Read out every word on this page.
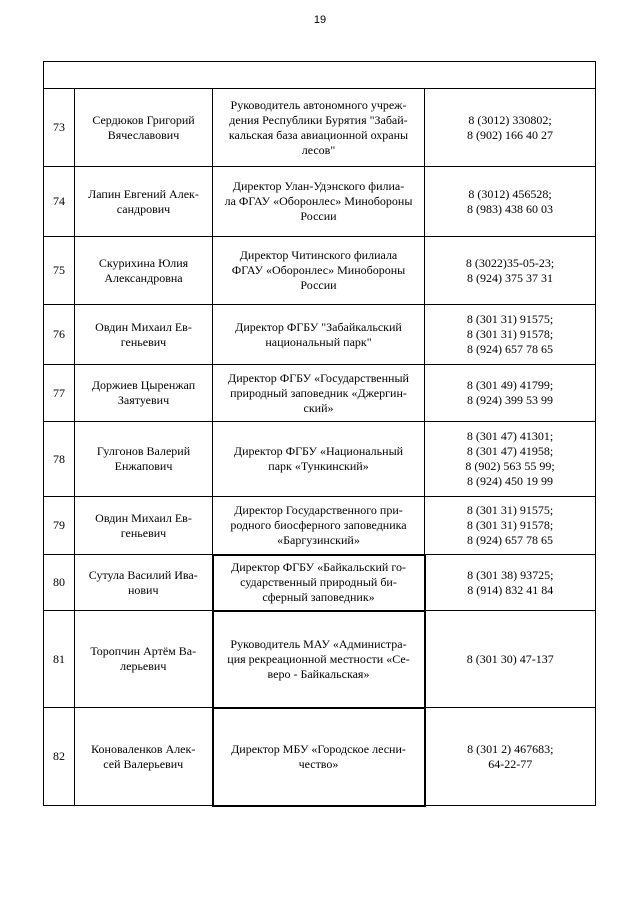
19

73	Сердюков Григорий
Вячеславович	Руководитель автономного учреж-
дения Республики Бурятия "Забай-
кальская база авиационной охраны
лесов"	8 (3012) 330802;
8 (902) 166 40 27
74	Лапин Евгений Алек-
сандрович	Директор Улан-Удэнского филиа-
ла ФГАУ «Оборонлес» Минобороны
России	8 (3012) 456528;
8 (983) 438 60 03
75	Скурихина Юлия
Александровна	Директор Читинского филиала
ФГАУ «Оборонлес» Минобороны
России	8 (3022)35-05-23;
8 (924) 375 37 31
76	Овдин Михаил Ев-
геньевич	Директор ФГБУ "Забайкальский
национальный парк"	8 (301 31) 91575;
8 (301 31) 91578;
8 (924) 657 78 65
77	Доржиев Цыренжап
Заятуевич	Директор ФГБУ «Государственный
природный заповедник «Джергин-
ский»	8 (301 49) 41799;
8 (924) 399 53 99
78	Гулгонов Валерий
Енжапович	Директор ФГБУ «Национальный
парк «Тункинский»	8 (301 47) 41301;
8 (301 47) 41958;
8 (902) 563 55 99;
8 (924) 450 19 99
79	Овдин Михаил Ев-
геньевич	Директор Государственного при-
родного биосферного заповедника
«Баргузинский»	8 (301 31) 91575;
8 (301 31) 91578;
8 (924) 657 78 65
80	Сутула Василий Ива-
нович	Директор ФГБУ «Байкальский го-
сударственный природный би-
сферный заповедник»	8 (301 38) 93725;
8 (914) 832 41 84
81	Торопчин Артём Ва-
лерьевич	Руководитель МАУ «Администра-
ция рекреационной местности «Се-
веро - Байкальская»	8 (301 30) 47-137
82	Коноваленков Алек-
сей Валерьевич	Директор МБУ «Городское лесни-
чество»	8 (301 2) 467683;
64-22-77
